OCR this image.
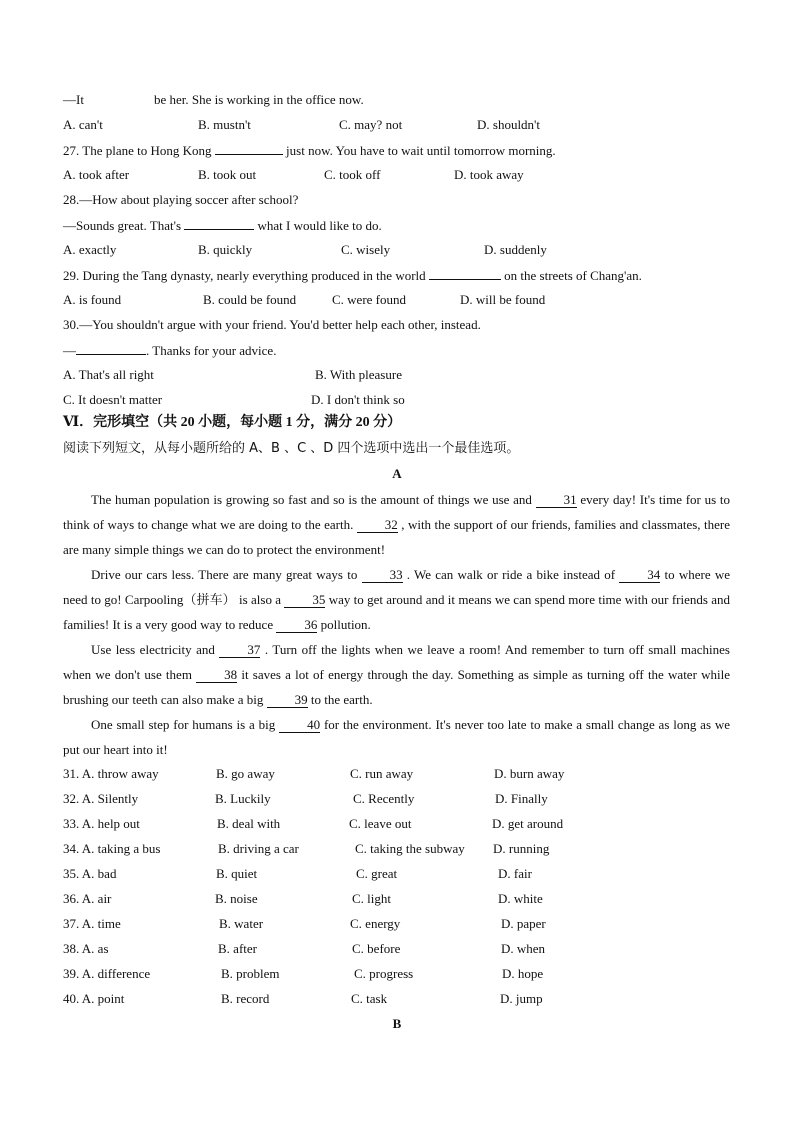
—It	be her. She is working in the office now.
A. can't	B. mustn't	C. may? not	D. shouldn't
27. The plane to Hong Kong	just now. You have to wait until tomorrow morning.
A. took after	B. took out	C. took off	D. took away
28.—How about playing soccer after school?
—Sounds great. That's	what I would like to do.
A. exactly	B. quickly	C. wisely	D. suddenly
29. During the Tang dynasty, nearly everything produced in the world	on the streets of Chang'an.
A. is found	B. could be found	C. were found	D. will be found
30.—You shouldn't argue with your friend. You'd better help each other, instead.
—	. Thanks for your advice.
A. That's all right	B. With pleasure
C. It doesn't matter	D. I don't think so
Ⅵ．完形填空（共 20 小题，每小题 1 分，满分 20 分）
阅读下列短文，从每小题所给的 A、B 、C 、D 四个选项中选出一个最佳选项。
A

The human population is growing so fast and so is the amount of things we use and 31 every day! It's time for us to think of ways to change what we are doing to the earth. 32 , with the support of our friends, families and classmates, there are many simple things we can do to protect the environment!

Drive our cars less. There are many great ways to 33 . We can walk or ride a bike instead of 34 to where we need to go! Carpooling（拼车） is also a 35 way to get around and it means we can spend more time with our friends and families! It is a very good way to reduce 36 pollution.

Use less electricity and 37 . Turn off the lights when we leave a room! And remember to turn off small machines when we don't use them 38 it saves a lot of energy through the day. Something as simple as turning off the water while brushing our teeth can also make a big 39 to the earth.

One small step for humans is a big 40 for the environment. It's never too late to make a small change as long as we put our heart into it!

31. A. throw away	B. go away	C. run away	D. burn away
32. A. Silently	B. Luckily	C. Recently	D. Finally
33. A. help out	B. deal with	C. leave out	D. get around
34. A. taking a bus	B. driving a car	C. taking the subway D. running
35. A. bad	B. quiet	C. great	D. fair
36. A. air	B. noise	C. light	D. white
37. A. time	B. water	C. energy	D. paper
38. A. as	B. after	C. before	D. when
39. A. difference	B. problem	C. progress	D. hope
40. A. point	B. record	C. task	D. jump
B
